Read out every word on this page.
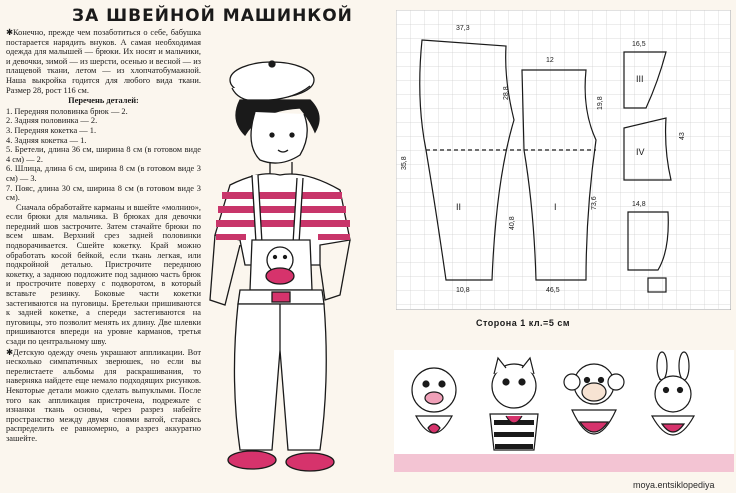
ЗА ШВЕЙНОЙ МАШИНКОЙ

✱Конечно, прежде чем позаботиться о себе, бабушка постарается нарядить внуков. А самая необходимая одежда для малышей — брюки. Их носят и мальчики, и девочки, зимой — из шерсти, осенью и весной — из плащевой ткани, летом — из хлопчатобумажной. Наша выкройка годится для любого вида ткани. Размер 28, рост 116 см.

Перечень деталей:

1. Передняя половинка брюк — 2.

2. Задняя половинка — 2.

3. Передняя кокетка — 1.

4. Задняя кокетка — 1.

5. Бретели, длина 36 см, ширина 8 см (в готовом виде 4 см) — 2.

6. Шлица, длина 6 см, ширина 8 см (в готовом виде 3 см) — 3.

7. Пояс, длина 30 см, ширина 8 см (в готовом виде 3 см).

Сначала обработайте карманы и вшейте «молнию», если брюки для мальчика. В брюках для девочки передний шов застрочите. Затем стачайте брюки по всем швам. Верхний срез задней половинки подворачивается. Сшейте кокетку. Край можно обработать косой бейкой, если ткань легкая, или подкройной деталью. Пристрочите переднюю кокетку, а заднюю подложите под заднюю часть брюк и прострочите поверху с подворотом, в который вставьте резинку. Боковые части кокетки застегиваются на пуговицы. Бретельки пришиваются к задней кокетке, а спереди застегиваются на пуговицы, это позволит менять их длину. Две шлевки пришиваются впереди на уровне карманов, третья сзади по центральному шву.

✱Детскую одежду очень украшают аппликации. Вот несколько симпатичных зверюшек, но если вы перелистаете альбомы для раскрашивания, то наверняка найдете еще немало подходящих рисунков. Некоторые детали можно сделать выпуклыми. После того как аппликация пристрочена, подрежьте с изнанки ткань основы, через разрез набейте пространство между двумя слоями ватой, стараясь распределить ее равномерно, а разрез аккуратно зашейте.

37,3
35,8
28,8
12
19,8
73,6
40,8
10,8	46,5
16,5
14,8
43
II	I
III
IV
Сторона 1 кл.=5 см
moya.entsiklopediya
